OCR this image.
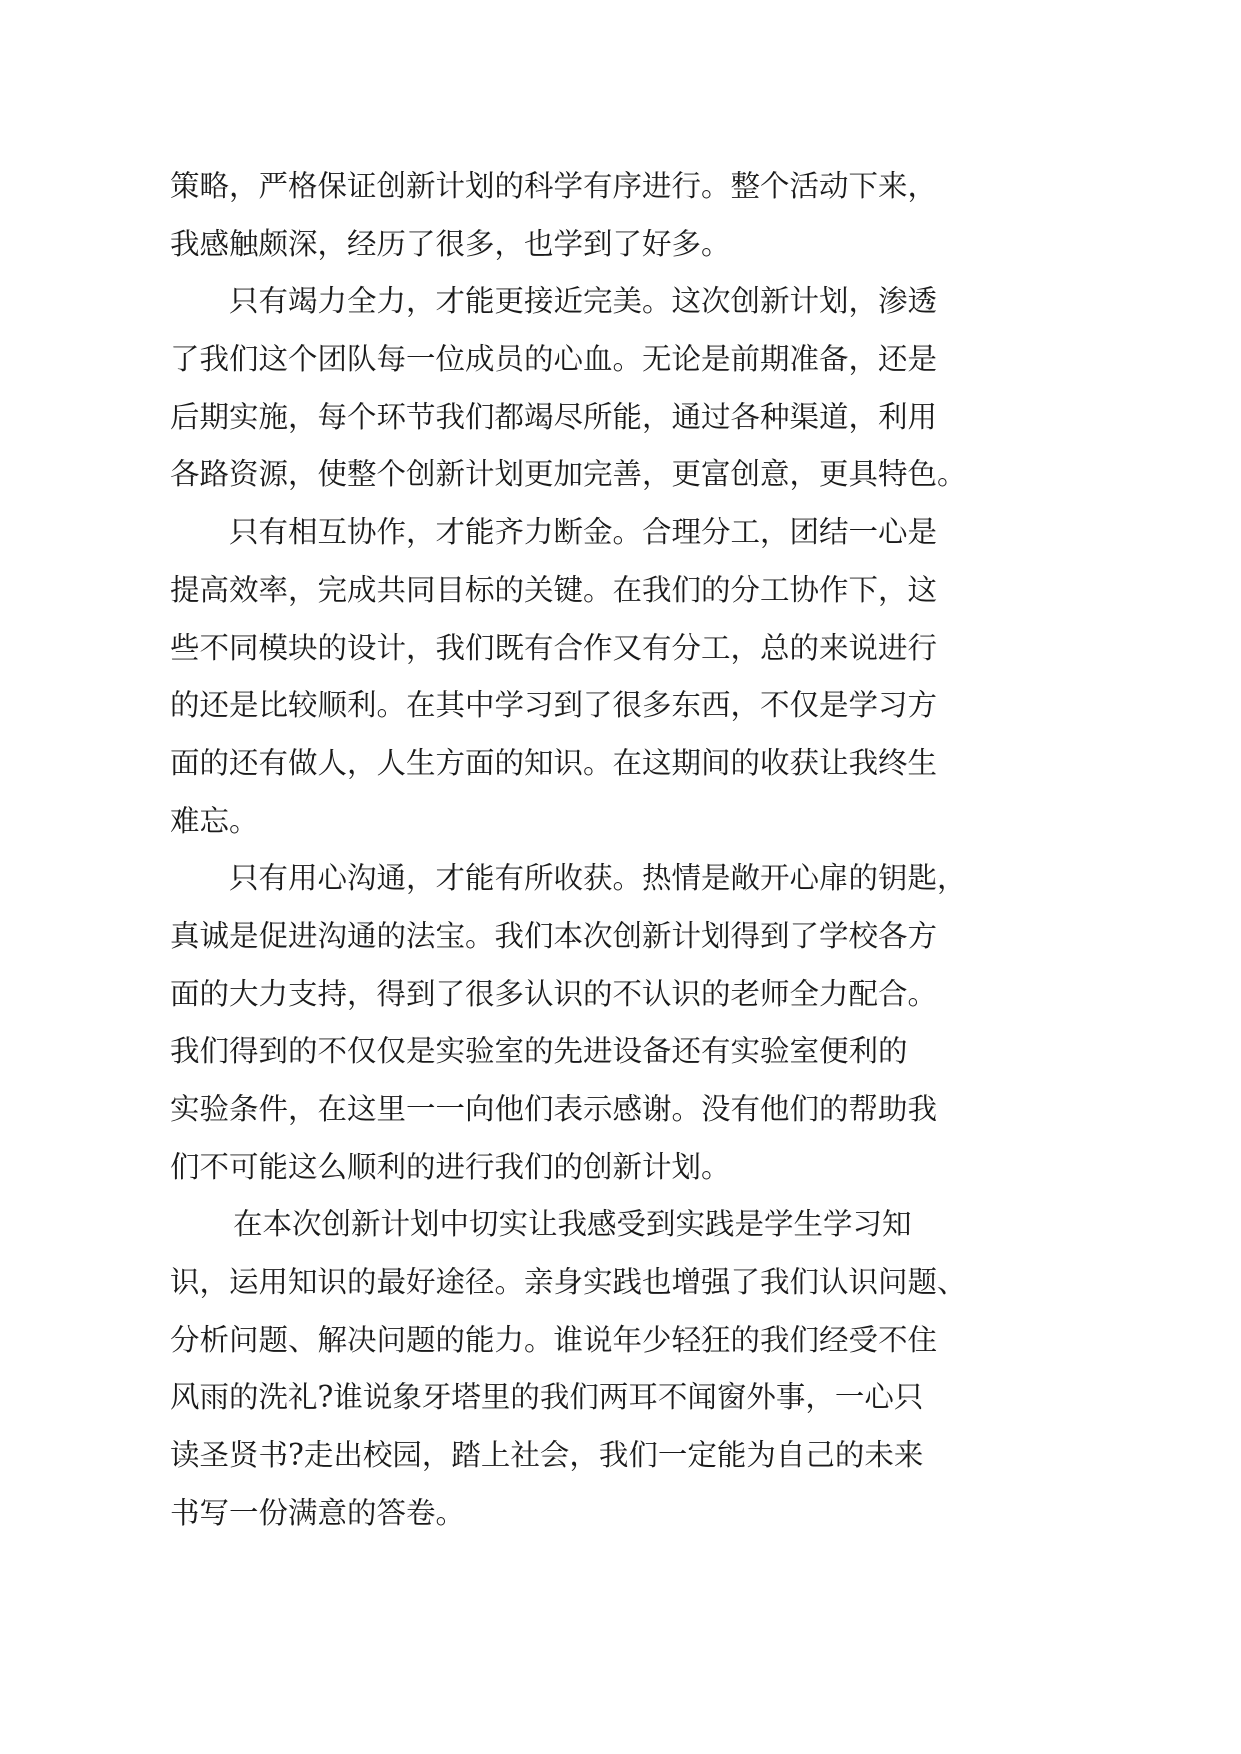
策略，严格保证创新计划的科学有序进行。整个活动下来，
我感触颇深，经历了很多，也学到了好多。
只有竭力全力，才能更接近完美。这次创新计划，渗透
了我们这个团队每一位成员的心血。无论是前期准备，还是
后期实施，每个环节我们都竭尽所能，通过各种渠道，利用
各路资源，使整个创新计划更加完善，更富创意，更具特色。
只有相互协作，才能齐力断金。合理分工，团结一心是
提高效率，完成共同目标的关键。在我们的分工协作下，这
些不同模块的设计，我们既有合作又有分工，总的来说进行
的还是比较顺利。在其中学习到了很多东西，不仅是学习方
面的还有做人，人生方面的知识。在这期间的收获让我终生
难忘。
只有用心沟通，才能有所收获。热情是敞开心扉的钥匙，
真诚是促进沟通的法宝。我们本次创新计划得到了学校各方
面的大力支持，得到了很多认识的不认识的老师全力配合。
我们得到的不仅仅是实验室的先进设备还有实验室便利的
实验条件，在这里一一向他们表示感谢。没有他们的帮助我
们不可能这么顺利的进行我们的创新计划。
在本次创新计划中切实让我感受到实践是学生学习知
识，运用知识的最好途径。亲身实践也增强了我们认识问题、
分析问题、解决问题的能力。谁说年少轻狂的我们经受不住
风雨的洗礼?谁说象牙塔里的我们两耳不闻窗外事，一心只
读圣贤书?走出校园，踏上社会，我们一定能为自己的未来
书写一份满意的答卷。
